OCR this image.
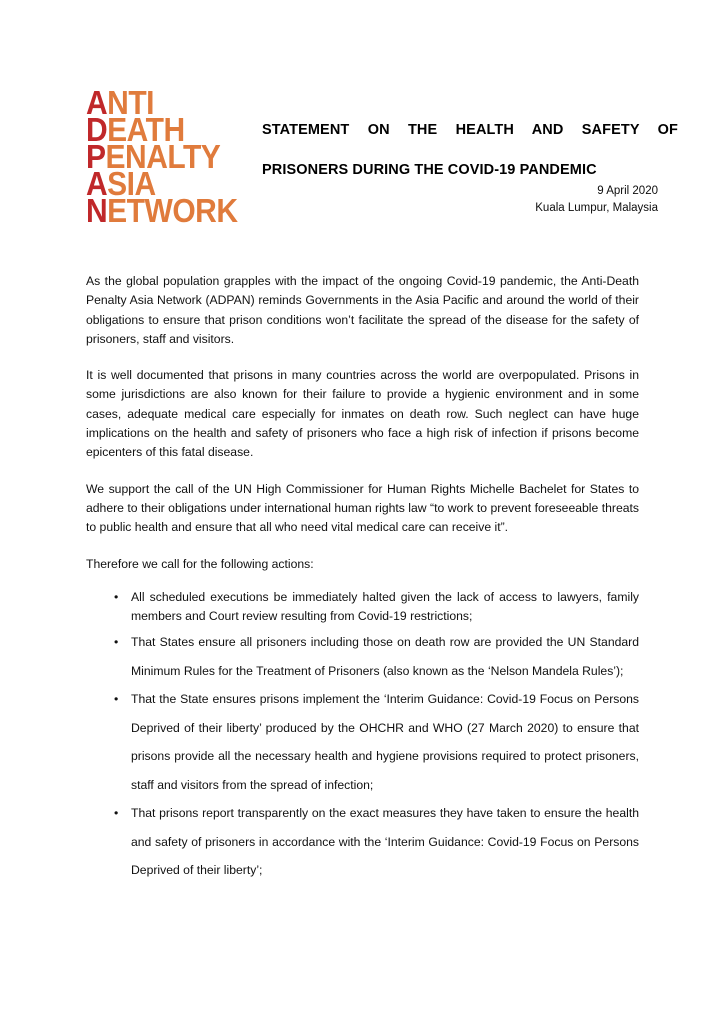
ANTI
DEATH
PENALTY
ASIA
NETWORK
STATEMENT ON THE HEALTH AND SAFETY OF
PRISONERS DURING THE COVID-19 PANDEMIC
9 April 2020
Kuala Lumpur, Malaysia

As the global population grapples with the impact of the ongoing Covid-19 pandemic, the Anti-Death Penalty Asia Network (ADPAN) reminds Governments in the Asia Pacific and around the world of their obligations to ensure that prison conditions won’t facilitate the spread of the disease for the safety of prisoners, staff and visitors.

It is well documented that prisons in many countries across the world are overpopulated. Prisons in some jurisdictions are also known for their failure to provide a hygienic environment and in some cases, adequate medical care especially for inmates on death row. Such neglect can have huge implications on the health and safety of prisoners who face a high risk of infection if prisons become epicenters of this fatal disease.

We support the call of the UN High Commissioner for Human Rights Michelle Bachelet for States to adhere to their obligations under international human rights law “to work to prevent foreseeable threats to public health and ensure that all who need vital medical care can receive it”.

Therefore we call for the following actions:

• All scheduled executions be immediately halted given the lack of access to lawyers, family members and Court review resulting from Covid-19 restrictions;
• That States ensure all prisoners including those on death row are provided the UN Standard Minimum Rules for the Treatment of Prisoners (also known as the ‘Nelson Mandela Rules’);
• That the State ensures prisons implement the ‘Interim Guidance: Covid-19 Focus on Persons Deprived of their liberty’ produced by the OHCHR and WHO (27 March 2020) to ensure that prisons provide all the necessary health and hygiene provisions required to protect prisoners, staff and visitors from the spread of infection;
• That prisons report transparently on the exact measures they have taken to ensure the health and safety of prisoners in accordance with the ‘Interim Guidance: Covid-19 Focus on Persons Deprived of their liberty’;
